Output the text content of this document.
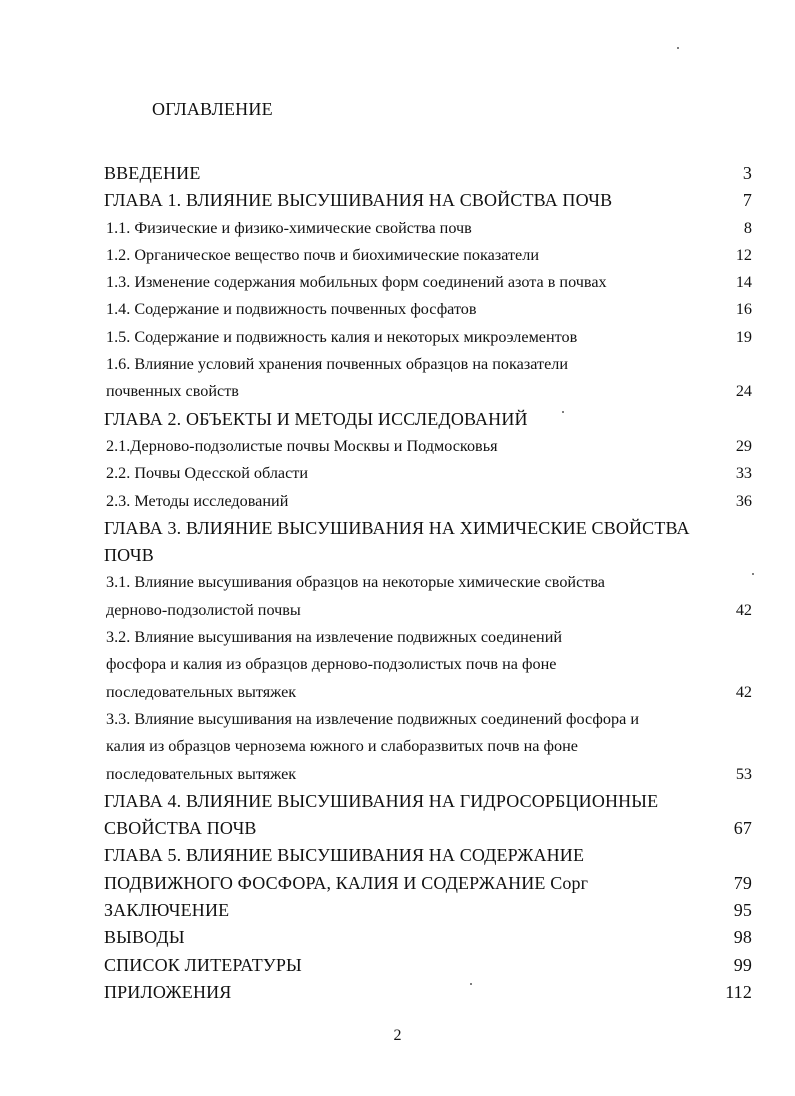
ОГЛАВЛЕНИЕ
ВВЕДЕНИЕ	3
ГЛАВА 1. ВЛИЯНИЕ ВЫСУШИВАНИЯ НА СВОЙСТВА ПОЧВ	7
1.1. Физические и физико-химические свойства почв	8
1.2. Органическое вещество почв и биохимические показатели	12
1.3. Изменение содержания мобильных форм соединений азота в почвах	14
1.4. Содержание и подвижность почвенных фосфатов	16
1.5. Содержание и подвижность калия и некоторых микроэлементов	19
1.6. Влияние условий хранения почвенных образцов на показатели
почвенных свойств	24
ГЛАВА 2. ОБЪЕКТЫ И МЕТОДЫ ИССЛЕДОВАНИЙ
2.1.Дерново-подзолистые почвы Москвы и Подмосковья	29
2.2. Почвы Одесской области	33
2.3. Методы исследований	36
ГЛАВА 3. ВЛИЯНИЕ ВЫСУШИВАНИЯ НА ХИМИЧЕСКИЕ СВОЙСТВА
ПОЧВ
3.1. Влияние высушивания образцов на некоторые химические свойства
дерново-подзолистой почвы	42
3.2. Влияние высушивания на извлечение подвижных соединений
фосфора и калия из образцов дерново-подзолистых почв на фоне
последовательных вытяжек	42
3.3. Влияние высушивания на извлечение подвижных соединений фосфора и
калия из образцов чернозема южного и слаборазвитых почв на фоне
последовательных вытяжек	53
ГЛАВА 4. ВЛИЯНИЕ ВЫСУШИВАНИЯ НА ГИДРОСОРБЦИОННЫЕ
СВОЙСТВА ПОЧВ	67
ГЛАВА 5. ВЛИЯНИЕ ВЫСУШИВАНИЯ НА СОДЕРЖАНИЕ
ПОДВИЖНОГО ФОСФОРА, КАЛИЯ И СОДЕРЖАНИЕ Сорг	79
ЗАКЛЮЧЕНИЕ	95
ВЫВОДЫ	98
СПИСОК ЛИТЕРАТУРЫ	99
ПРИЛОЖЕНИЯ	112
2
